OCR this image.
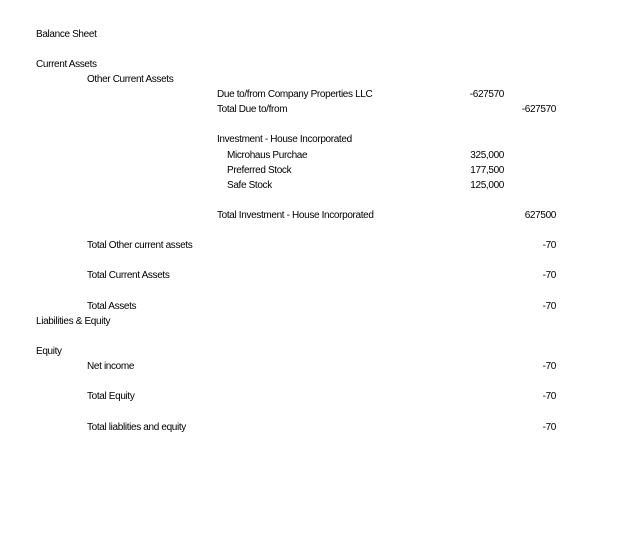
Balance Sheet
Current Assets
Other Current Assets
Due to/from Company Properties LLC	-627570
Total Due to/from	-627570
Investment - House Incorporated
Microhaus Purchae	325,000
Preferred Stock	177,500
Safe Stock	125,000
Total Investment - House Incorporated	627500
Total Other current assets	-70
Total Current Assets	-70
Total Assets	-70
Liabilities & Equity
Equity
Net income	-70
Total Equity	-70
Total liablities and equity	-70
